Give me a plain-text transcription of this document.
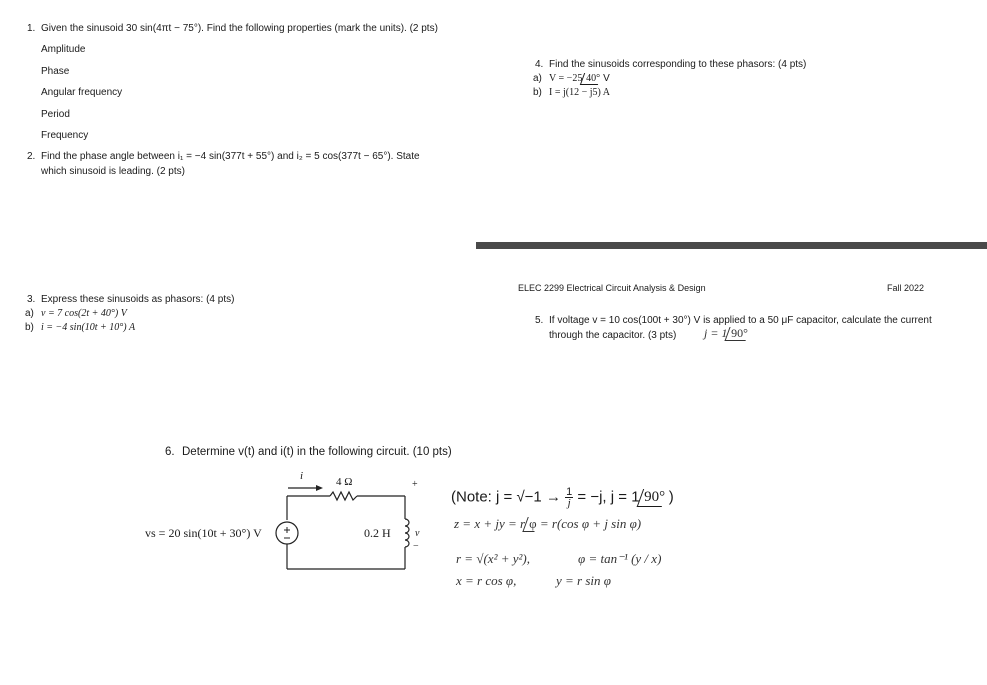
1. Given the sinusoid 30 sin(4πt − 75°). Find the following properties (mark the units). (2 pts)
Amplitude
Phase
Angular frequency
Period
Frequency
2. Find the phase angle between i₁ = −4 sin(377t + 55°) and i₂ = 5 cos(377t − 65°). State
which sinusoid is leading. (2 pts)
3. Express these sinusoids as phasors: (4 pts)
a) v = 7 cos(2t + 40°) V
b) i = −4 sin(10t + 10°) A
4. Find the sinusoids corresponding to these phasors: (4 pts)
a) V = −25 40° V
b) I = j(12 − j5) A
ELEC 2299 Electrical Circuit Analysis & Design	Fall 2022
5. If voltage v = 10 cos(100t + 30°) V is applied to a 50 μF capacitor, calculate the current
through the capacitor. (3 pts) j = 1 90°
6. Determine v(t) and i(t) in the following circuit. (10 pts)
i	4 Ω
vs = 20 sin(10t + 30°) V	0.2 H
+
v
−
(Note: $j = √-1 \to \frac{1}{j} = -j$, j = 1 90° )
z = x + jy = r φ = r(cos φ + j sin φ)
r = √(x² + y²),	φ = tan⁻¹ (y / x)
x = r cos φ,	y = r sin φ
